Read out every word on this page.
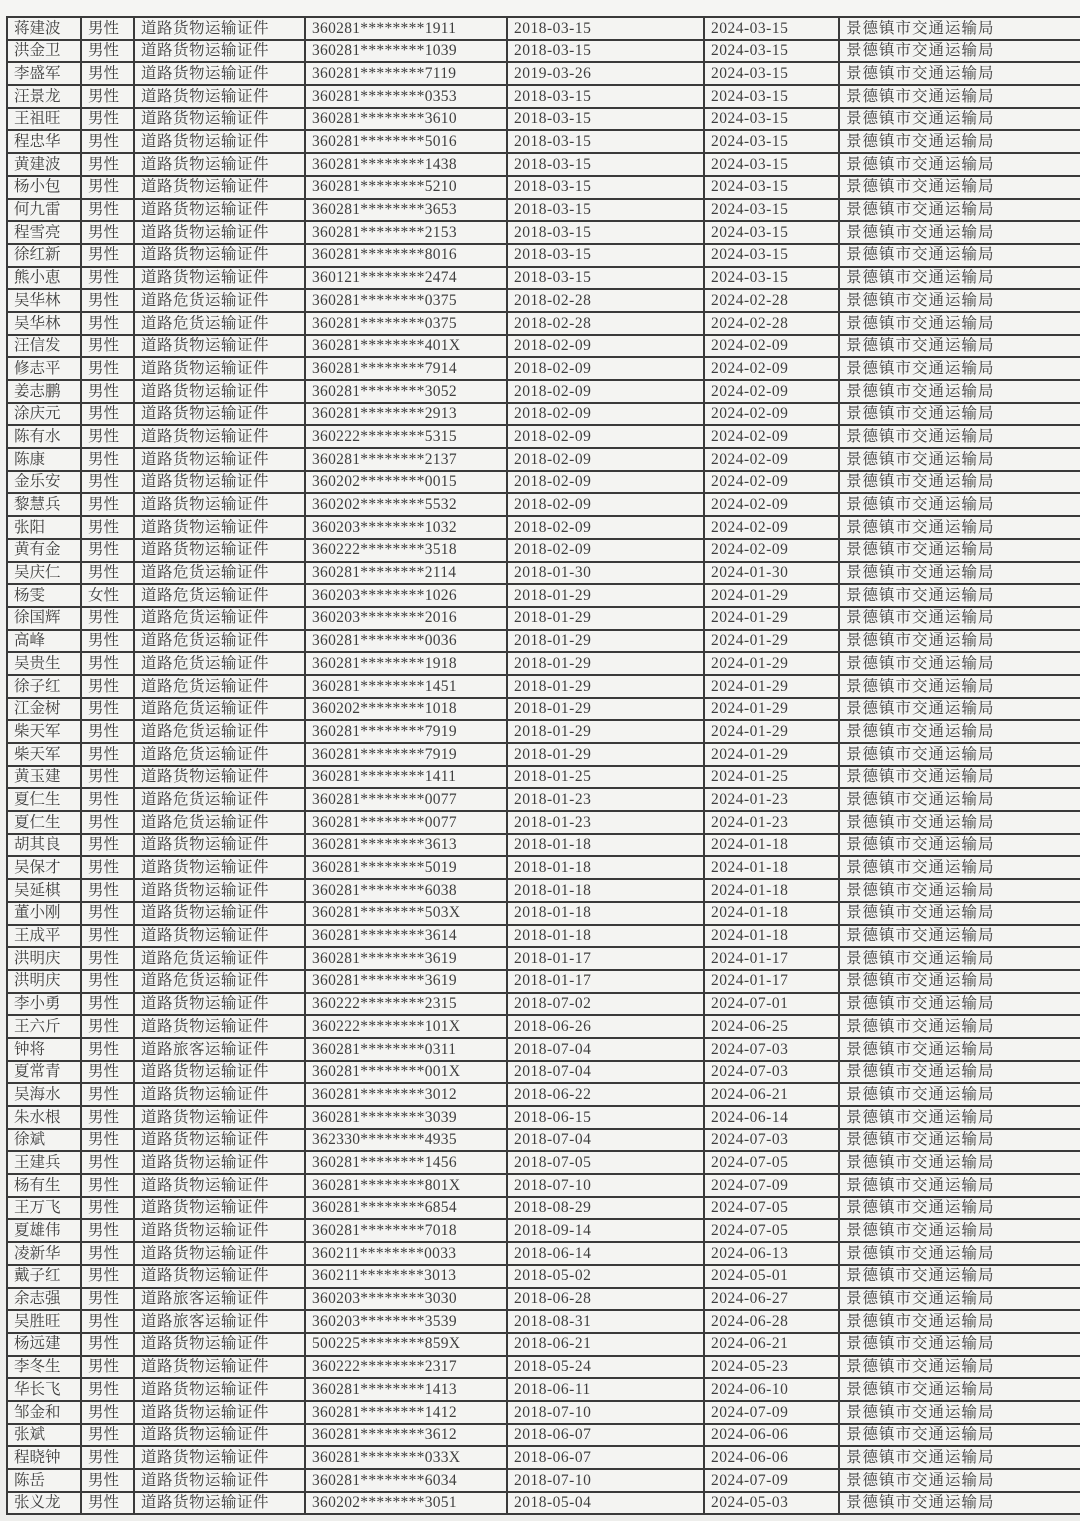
蒋建波	男性	道路货物运输证件	360281********1911	2018-03-15	2024-03-15	景德镇市交通运输局
洪金卫	男性	道路货物运输证件	360281********1039	2018-03-15	2024-03-15	景德镇市交通运输局
李盛军	男性	道路货物运输证件	360281********7119	2019-03-26	2024-03-15	景德镇市交通运输局
汪景龙	男性	道路货物运输证件	360281********0353	2018-03-15	2024-03-15	景德镇市交通运输局
王祖旺	男性	道路货物运输证件	360281********3610	2018-03-15	2024-03-15	景德镇市交通运输局
程忠华	男性	道路货物运输证件	360281********5016	2018-03-15	2024-03-15	景德镇市交通运输局
黄建波	男性	道路货物运输证件	360281********1438	2018-03-15	2024-03-15	景德镇市交通运输局
杨小包	男性	道路货物运输证件	360281********5210	2018-03-15	2024-03-15	景德镇市交通运输局
何九雷	男性	道路货物运输证件	360281********3653	2018-03-15	2024-03-15	景德镇市交通运输局
程雪亮	男性	道路货物运输证件	360281********2153	2018-03-15	2024-03-15	景德镇市交通运输局
徐红新	男性	道路货物运输证件	360281********8016	2018-03-15	2024-03-15	景德镇市交通运输局
熊小恵	男性	道路货物运输证件	360121********2474	2018-03-15	2024-03-15	景德镇市交通运输局
吴华林	男性	道路危货运输证件	360281********0375	2018-02-28	2024-02-28	景德镇市交通运输局
吴华林	男性	道路危货运输证件	360281********0375	2018-02-28	2024-02-28	景德镇市交通运输局
汪信发	男性	道路货物运输证件	360281********401X	2018-02-09	2024-02-09	景德镇市交通运输局
修志平	男性	道路货物运输证件	360281********7914	2018-02-09	2024-02-09	景德镇市交通运输局
姜志鹏	男性	道路货物运输证件	360281********3052	2018-02-09	2024-02-09	景德镇市交通运输局
涂庆元	男性	道路货物运输证件	360281********2913	2018-02-09	2024-02-09	景德镇市交通运输局
陈有水	男性	道路货物运输证件	360222********5315	2018-02-09	2024-02-09	景德镇市交通运输局
陈康	男性	道路货物运输证件	360281********2137	2018-02-09	2024-02-09	景德镇市交通运输局
金乐安	男性	道路货物运输证件	360202********0015	2018-02-09	2024-02-09	景德镇市交通运输局
黎慧兵	男性	道路货物运输证件	360202********5532	2018-02-09	2024-02-09	景德镇市交通运输局
张阳	男性	道路货物运输证件	360203********1032	2018-02-09	2024-02-09	景德镇市交通运输局
黄有金	男性	道路货物运输证件	360222********3518	2018-02-09	2024-02-09	景德镇市交通运输局
吴庆仁	男性	道路危货运输证件	360281********2114	2018-01-30	2024-01-30	景德镇市交通运输局
杨雯	女性	道路危货运输证件	360203********1026	2018-01-29	2024-01-29	景德镇市交通运输局
徐国辉	男性	道路危货运输证件	360203********2016	2018-01-29	2024-01-29	景德镇市交通运输局
高峰	男性	道路危货运输证件	360281********0036	2018-01-29	2024-01-29	景德镇市交通运输局
吴贵生	男性	道路危货运输证件	360281********1918	2018-01-29	2024-01-29	景德镇市交通运输局
徐子红	男性	道路危货运输证件	360281********1451	2018-01-29	2024-01-29	景德镇市交通运输局
江金树	男性	道路危货运输证件	360202********1018	2018-01-29	2024-01-29	景德镇市交通运输局
柴天军	男性	道路危货运输证件	360281********7919	2018-01-29	2024-01-29	景德镇市交通运输局
柴天军	男性	道路危货运输证件	360281********7919	2018-01-29	2024-01-29	景德镇市交通运输局
黄玉建	男性	道路货物运输证件	360281********1411	2018-01-25	2024-01-25	景德镇市交通运输局
夏仁生	男性	道路危货运输证件	360281********0077	2018-01-23	2024-01-23	景德镇市交通运输局
夏仁生	男性	道路危货运输证件	360281********0077	2018-01-23	2024-01-23	景德镇市交通运输局
胡其良	男性	道路货物运输证件	360281********3613	2018-01-18	2024-01-18	景德镇市交通运输局
吴保才	男性	道路货物运输证件	360281********5019	2018-01-18	2024-01-18	景德镇市交通运输局
吴延棋	男性	道路货物运输证件	360281********6038	2018-01-18	2024-01-18	景德镇市交通运输局
董小刚	男性	道路货物运输证件	360281********503X	2018-01-18	2024-01-18	景德镇市交通运输局
王成平	男性	道路货物运输证件	360281********3614	2018-01-18	2024-01-18	景德镇市交通运输局
洪明庆	男性	道路危货运输证件	360281********3619	2018-01-17	2024-01-17	景德镇市交通运输局
洪明庆	男性	道路危货运输证件	360281********3619	2018-01-17	2024-01-17	景德镇市交通运输局
李小勇	男性	道路货物运输证件	360222********2315	2018-07-02	2024-07-01	景德镇市交通运输局
王六斤	男性	道路货物运输证件	360222********101X	2018-06-26	2024-06-25	景德镇市交通运输局
钟将	男性	道路旅客运输证件	360281********0311	2018-07-04	2024-07-03	景德镇市交通运输局
夏常青	男性	道路货物运输证件	360281********001X	2018-07-04	2024-07-03	景德镇市交通运输局
吴海水	男性	道路货物运输证件	360281********3012	2018-06-22	2024-06-21	景德镇市交通运输局
朱水根	男性	道路货物运输证件	360281********3039	2018-06-15	2024-06-14	景德镇市交通运输局
徐斌	男性	道路货物运输证件	362330********4935	2018-07-04	2024-07-03	景德镇市交通运输局
王建兵	男性	道路货物运输证件	360281********1456	2018-07-05	2024-07-05	景德镇市交通运输局
杨有生	男性	道路货物运输证件	360281********801X	2018-07-10	2024-07-09	景德镇市交通运输局
王万飞	男性	道路货物运输证件	360281********6854	2018-08-29	2024-07-05	景德镇市交通运输局
夏雄伟	男性	道路货物运输证件	360281********7018	2018-09-14	2024-07-05	景德镇市交通运输局
凌新华	男性	道路货物运输证件	360211********0033	2018-06-14	2024-06-13	景德镇市交通运输局
戴子红	男性	道路货物运输证件	360211********3013	2018-05-02	2024-05-01	景德镇市交通运输局
余志强	男性	道路旅客运输证件	360203********3030	2018-06-28	2024-06-27	景德镇市交通运输局
吴胜旺	男性	道路旅客运输证件	360203********3539	2018-08-31	2024-06-28	景德镇市交通运输局
杨远建	男性	道路货物运输证件	500225********859X	2018-06-21	2024-06-21	景德镇市交通运输局
李冬生	男性	道路货物运输证件	360222********2317	2018-05-24	2024-05-23	景德镇市交通运输局
华长飞	男性	道路货物运输证件	360281********1413	2018-06-11	2024-06-10	景德镇市交通运输局
邹金和	男性	道路货物运输证件	360281********1412	2018-07-10	2024-07-09	景德镇市交通运输局
张斌	男性	道路货物运输证件	360281********3612	2018-06-07	2024-06-06	景德镇市交通运输局
程晓钟	男性	道路货物运输证件	360281********033X	2018-06-07	2024-06-06	景德镇市交通运输局
陈岳	男性	道路货物运输证件	360281********6034	2018-07-10	2024-07-09	景德镇市交通运输局
张义龙	男性	道路货物运输证件	360202********3051	2018-05-04	2024-05-03	景德镇市交通运输局
